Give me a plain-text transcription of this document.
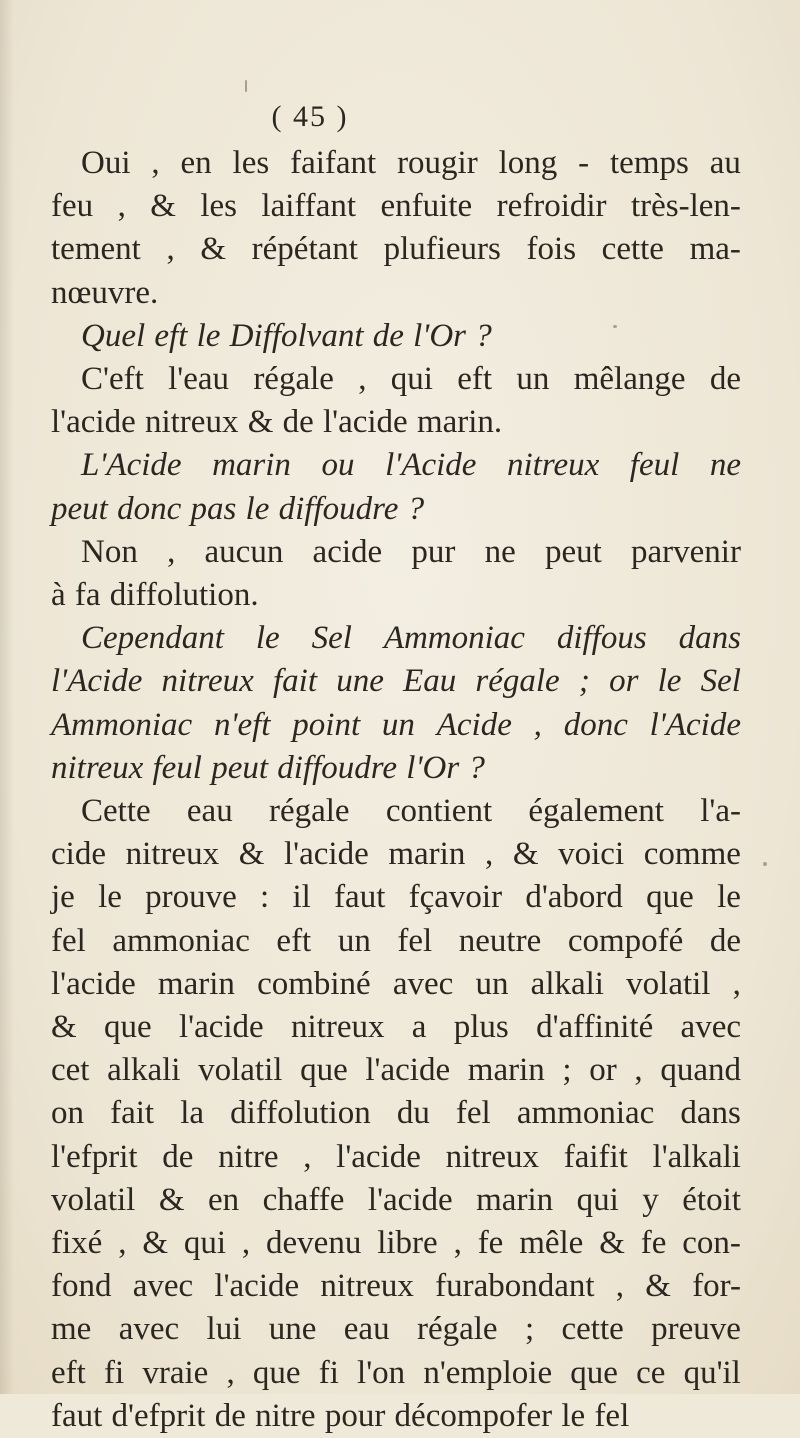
( 45 )
Oui , en les faifant rougir long - temps au
feu , & les laiffant enfuite refroidir très-len-
tement , & répétant plufieurs fois cette ma-
nœuvre.
Quel eft le Diffolvant de l'Or ?
C'eft l'eau régale , qui eft un mêlange de
l'acide nitreux & de l'acide marin.
L'Acide marin ou l'Acide nitreux feul ne
peut donc pas le diffoudre ?
Non , aucun acide pur ne peut parvenir
à fa diffolution.
Cependant le Sel Ammoniac diffous dans
l'Acide nitreux fait une Eau régale ; or le Sel
Ammoniac n'eft point un Acide , donc l'Acide
nitreux feul peut diffoudre l'Or ?
Cette eau régale contient également l'a-
cide nitreux & l'acide marin , & voici comme
je le prouve : il faut fçavoir d'abord que le
fel ammoniac eft un fel neutre compofé de
l'acide marin combiné avec un alkali volatil ,
& que l'acide nitreux a plus d'affinité avec
cet alkali volatil que l'acide marin ; or , quand
on fait la diffolution du fel ammoniac dans
l'efprit de nitre , l'acide nitreux faifit l'alkali
volatil & en chaffe l'acide marin qui y étoit
fixé , & qui , devenu libre , fe mêle & fe con-
fond avec l'acide nitreux furabondant , & for-
me avec lui une eau régale ; cette preuve
eft fi vraie , que fi l'on n'emploie que ce qu'il
faut d'efprit de nitre pour décompofer le fel
